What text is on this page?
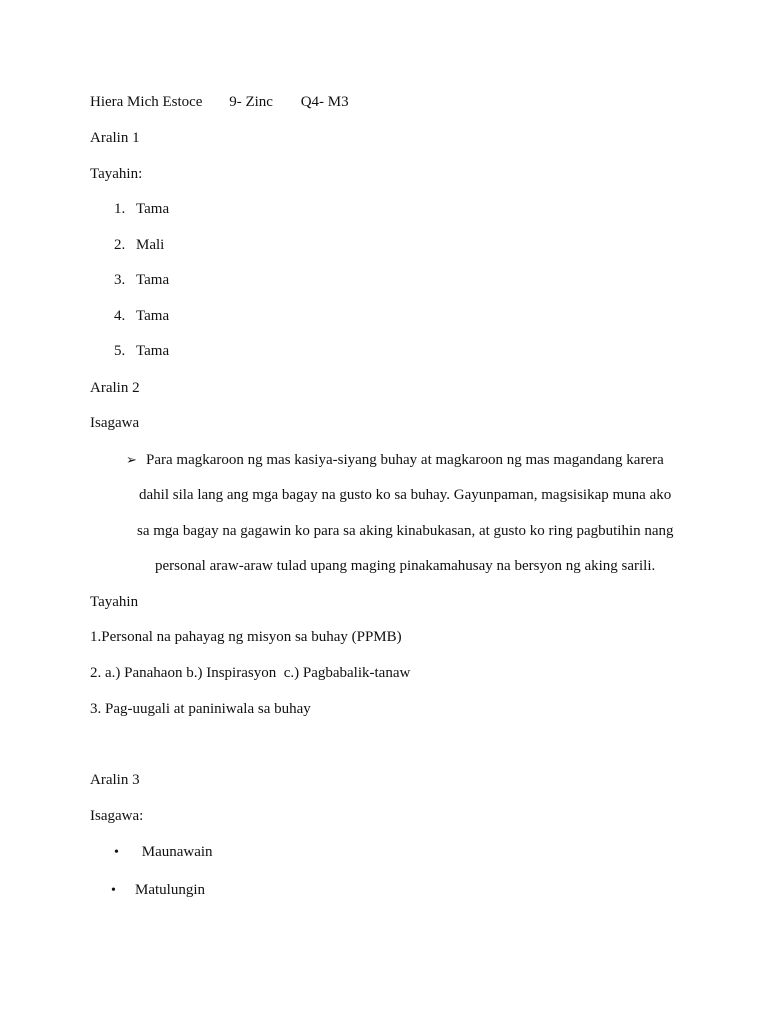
Hiera Mich Estoce 9- Zinc Q4- M3
Aralin 1
Tayahin:
1. Tama
2. Mali
3. Tama
4. Tama
5. Tama
Aralin 2
Isagawa
➢ Para magkaroon ng mas kasiya-siyang buhay at magkaroon ng mas magandang karera
dahil sila lang ang mga bagay na gusto ko sa buhay. Gayunpaman, magsisikap muna ako
sa mga bagay na gagawin ko para sa aking kinabukasan, at gusto ko ring pagbutihin nang
personal araw-araw tulad upang maging pinakamahusay na bersyon ng aking sarili.
Tayahin
1.Personal na pahayag ng misyon sa buhay (PPMB)
2. a.) Panahaon b.) Inspirasyon  c.) Pagbabalik-tanaw
3. Pag-uugali at paniniwala sa buhay
Aralin 3
Isagawa:
• Maunawain
• Matulungin
